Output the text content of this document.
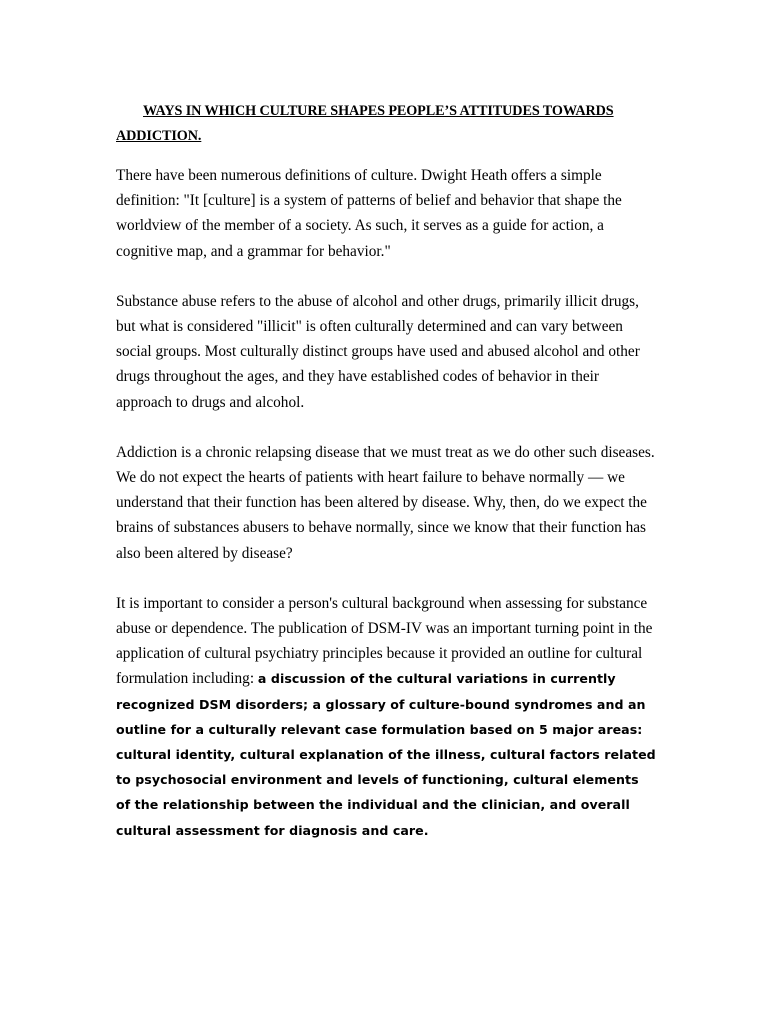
WAYS IN WHICH CULTURE SHAPES PEOPLE’S ATTITUDES TOWARDS ADDICTION.

There have been numerous definitions of culture. Dwight Heath offers a simple definition: "It [culture] is a system of patterns of belief and behavior that shape the worldview of the member of a society. As such, it serves as a guide for action, a cognitive map, and a grammar for behavior."

Substance abuse refers to the abuse of alcohol and other drugs, primarily illicit drugs, but what is considered "illicit" is often culturally determined and can vary between social groups. Most culturally distinct groups have used and abused alcohol and other drugs throughout the ages, and they have established codes of behavior in their approach to drugs and alcohol.

Addiction is a chronic relapsing disease that we must treat as we do other such diseases. We do not expect the hearts of patients with heart failure to behave normally — we understand that their function has been altered by disease. Why, then, do we expect the brains of substances abusers to behave normally, since we know that their function has also been altered by disease?

It is important to consider a person's cultural background when assessing for substance abuse or dependence. The publication of DSM-IV was an important turning point in the application of cultural psychiatry principles because it provided an outline for cultural formulation including: a discussion of the cultural variations in currently recognized DSM disorders; a glossary of culture-bound syndromes and an outline for a culturally relevant case formulation based on 5 major areas: cultural identity, cultural explanation of the illness, cultural factors related to psychosocial environment and levels of functioning, cultural elements of the relationship between the individual and the clinician, and overall cultural assessment for diagnosis and care.
